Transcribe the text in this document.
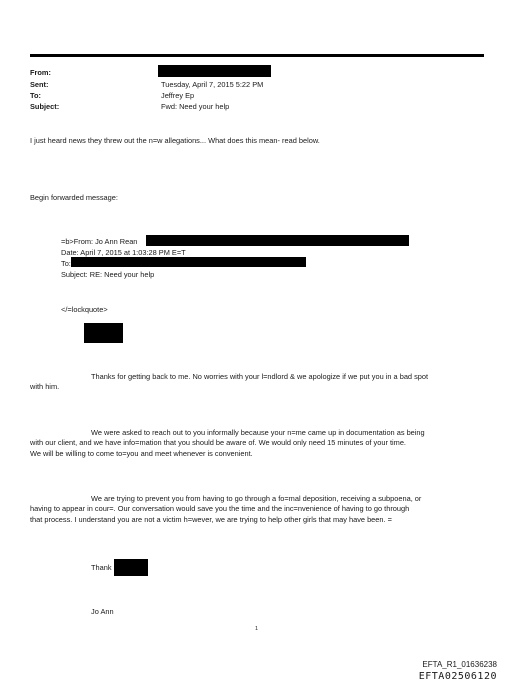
From:
Sent:
To:
Subject:
Tuesday, April 7, 2015 5:22 PM
Jeffrey Ep
Fwd: Need your help
I just heard news they threw out the n=w allegations... What does this mean- read below.
Begin forwarded message:
=b>From: Jo Ann Rean
Date: April 7, 2015 at 1:03:28 PM E=T
To:
Subject: RE: Need your help
</=lockquote>
Thanks for getting back to me. No worries with your l=ndlord & we apologize if we put you in a bad spot
with him.
We were asked to reach out to you informally because your n=me came up in documentation as being
with our client, and we have info=mation that you should be aware of. We would only need 15 minutes of your time.
We will be willing to come to=you and meet whenever is convenient.
We are trying to prevent you from having to go through a fo=mal deposition, receiving a subpoena, or
having to appear in cour=. Our conversation would save you the time and the inc=nvenience of having to go through
that process. I understand you are not a victim h=wever, we are trying to help other girls that may have been. =
Thank
Jo Ann
1
EFTA_R1_01636238
EFTA02506120
